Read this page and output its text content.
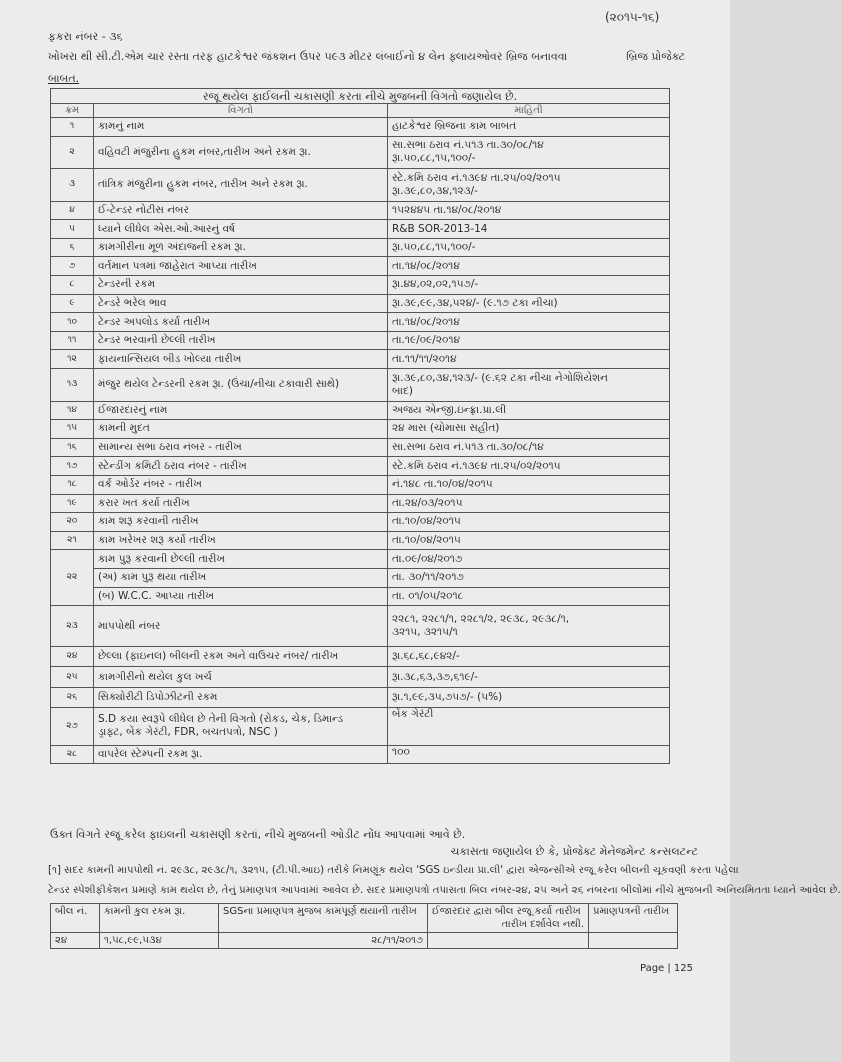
(૨૦૧૫-૧૬)
ફકરા નંબર - ૩૬
ખોખરા થી સી.ટી.એમ ચાર રસ્તા તરફ હાટકેશ્વર જંકશન ઉપર ૫૯૩ મીટર લંબાઈનો ૪ લેન ફ્લાયઓવર બ્રિજ બનાવવા	બ્રિજ પ્રોજેક્ટ
બાબત.
રજૂ થયેલ ફાઈલની ચકાસણી કરતા નીચે મુજબની વિગતો જણાયેલ છે.		
ક્રમ	વિગતો	માહિતી
૧	કામનું નામ	હાટકેશ્વર બ્રિજના કામ બાબત
૨	વહિવટી મંજુરીના હુકમ નંબર,તારીખ અને રકમ રૂા.	સા.સભા ઠરાવ નં.૫૧૩ તા.૩૦/૦૮/૧૪
રૂા.૫૦,૮૮,૧૫,૧૦૦/-

૩	તાંત્રિક મંજુરીના હુકમ નંબર, તારીખ અને રકમ રૂા.	સ્ટે.કમિ ઠરાવ નં.૧૩૯૪ તા.૨૫/૦૨/૨૦૧૫
રૂા.૩૯,૮૦,૩૪,૧૨૩/-

૪	ઈ-ટેન્ડર નોટીસ નંબર	૧૫૨૪૪૫ તા.૧૪/૦૮/૨૦૧૪
૫	ધ્યાને લીધેલ એસ.ઓ.આરનું વર્ષ	R&B SOR-2013-14
૬	કામગીરીના મૂળ અંદાજની રકમ રૂા.	રૂા.૫૦,૮૮,૧૫,૧૦૦/-
૭	વર્તમાન પત્રમાં જાહેરાત આપ્યા તારીખ	તા.૧૪/૦૮/૨૦૧૪
૮	ટેન્ડરની રકમ	રૂા.૪૪,૦૨,૦૨,૧૫૭/-
૯	ટેન્ડરે ભરેલ ભાવ	રૂા.૩૯,૯૯,૩૪,૫૨૪/- (૯.૧૭ ટકા નીચા)
૧૦	ટેન્ડર અપલોડ કર્યા તારીખ	તા.૧૪/૦૮/૨૦૧૪
૧૧	ટેન્ડર ભરવાની છેલ્લી તારીખ	તા.૧૯/૦૯/૨૦૧૪
૧૨	ફાયનાન્સિયલ બીડ ખોલ્યા તારીખ	તા.૧૧/૧૧/૨૦૧૪
૧૩	મંજુર થયેલ ટેન્ડરની રકમ રૂા. (ઉંચા/નીચા ટકાવારી સાથે)	રૂા.૩૯,૮૦,૩૪,૧૨૩/- (૯.૬૨ ટકા નીચા નેગોશિયેશન
બાદ)

૧૪	ઈજારદારનું નામ	અજય એન્જી.ઇન્ફ્રા.પ્રા.લી
૧૫	કામની મુદત	૨૪ માસ (ચોમાસા સહીત)
૧૬	સામાન્ય સભા ઠરાવ નંબર - તારીખ	સા.સભા ઠરાવ નં.૫૧૩ તા.૩૦/૦૮/૧૪
૧૭	સ્ટેન્ડીંગ કમિટી ઠરાવ નંબર - તારીખ	સ્ટે.કમિ ઠરાવ નં.૧૩૯૪ તા.૨૫/૦૨/૨૦૧૫
૧૮	વર્ક ઓર્ડર નંબર - તારીખ	નં.૧૪૮ તા.૧૦/૦૪/૨૦૧૫
૧૯	કરાર ખત કર્યા તારીખ	તા.૨૪/૦૩/૨૦૧૫
૨૦	કામ શરૂ કરવાની તારીખ	તા.૧૦/૦૪/૨૦૧૫
૨૧	કામ ખરેખર શરૂ કર્યા તારીખ	તા.૧૦/૦૪/૨૦૧૫
૨૨	કામ પુરૂ કરવાની છેલ્લી તારીખ	તા.૦૯/૦૪/૨૦૧૭
	(અ) કામ પુરૂ થયા તારીખ	તા. ૩૦/૧૧/૨૦૧૭
	(બ) W.C.C. આપ્યા તારીખ	તા. ૦૧/૦૫/૨૦૧૮
૨૩	માપપોથી નંબર	૨૨૮૧, ૨૨૮૧/૧, ૨૨૮૧/૨, ૨૯૩૮, ૨૯૩૮/૧,
૩૨૧૫, ૩૨૧૫/૧

૨૪	છેલ્લા (ફાઇનલ) બીલની રકમ અને વાઉચર નંબર/ તારીખ	રૂા.૬૮,૬૮,૯૪૨/-
૨૫	કામગીરીનો થયેલ કુલ ખર્ચ	રૂા.૩૮,૬૩,૩૭,૬૧૯/-
૨૬	સિક્યોરીટી ડિપોઝીટની રકમ	રૂા.૧,૯૯,૩૫,૭૫૭/- (૫%)
૨૭	S.D કયા સ્વરૂપે લીધેલ છે તેની વિગતો (રોકડ, ચેક, ડિમાન્ડ
ડ્રાફ્ટ, બેંક ગેરંટી, FDR, બચતપત્રો, NSC )	બેંક ગેરંટી
૨૮	વાપરેલ સ્ટેમ્પની રકમ રૂા.	૧૦૦
ઉક્ત વિગતે રજૂ કરેલ ફાઇલની ચકાસણી કરતાં, નીચે મુજબની ઓડીટ નોંધ આપવામાં આવે છે.
ચકાસતા જણાયેલ છે કે, પ્રોજેક્ટ મેનેજમેન્ટ કન્સલટન્ટ
[૧] સદર કામની માપપોથી નં. ૨૯૩૮, ૨૯૩૮/૧, ૩૨૧૫, (ટી.પી.આઇ) તરીકે નિમણૂંક થયેલ 'SGS ઇન્ડીયા પ્રા.લી' દ્વારા એજન્સીએ રજૂ કરેલ બીલની ચૂકવણી કરતા પહેલા
ટેન્ડર સ્પેશીફીકેશન પ્રમાણે કામ થયેલ છે, તેનું પ્રમાણપત્ર આપવામાં આવેલ છે. સદર પ્રમાણપત્રો તપાસતા બિલ નંબર-૨૪, ૨૫ અને ૨૬ નંબરના બીલોમાં નીચે મુજબની અનિયમિતતા ધ્યાને આવેલ છે.
બીલ નં.	કામની કુલ રકમ રૂા.	SGSના પ્રમાણપત્ર મુજબ કામપૂર્ણ થયાની તારીખ	ઈજારદાર દ્વારા બીલ રજૂ કર્યા તારીખ
તારીખ દર્શાવેલ નથી.	પ્રમાણપત્રની તારીખ
૨૪	૧,૫૮,૯૯,૫૩૪	૨૮/૧૧/૨૦૧૭		
Page | 125
